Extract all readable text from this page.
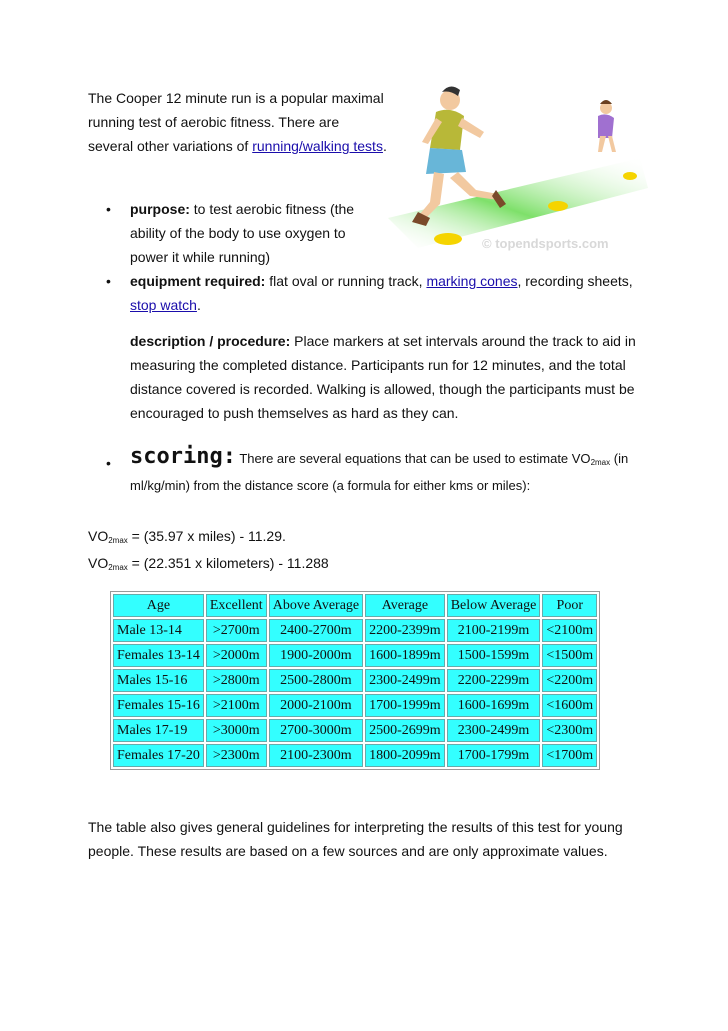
The Cooper 12 minute run is a popular maximal running test of aerobic fitness. There are several other variations of running/walking tests.
© topendsports.com
• purpose: to test aerobic fitness (the ability of the body to use oxygen to power it while running)
• equipment required: flat oval or running track, marking cones, recording sheets, stop watch.
description / procedure: Place markers at set intervals around the track to aid in measuring the completed distance. Participants run for 12 minutes, and the total distance covered is recorded. Walking is allowed, though the participants must be encouraged to push themselves as hard as they can.
• scoring: There are several equations that can be used to estimate $VO_{2max}$ (in ml/kg/min) from the distance score (a formula for either kms or miles):
$VO_{2max} = (35.97$ x miles) - 11.29.
$VO_{2max} = (22.351$ x kilometers) - 11.288
Age	Excellent	Above Average	Average	Below Average	Poor
Male 13-14	>2700m	2400-2700m	2200-2399m	2100-2199m	<2100m
Females 13-14	>2000m	1900-2000m	1600-1899m	1500-1599m	<1500m
Males 15-16	>2800m	2500-2800m	2300-2499m	2200-2299m	<2200m
Females 15-16	>2100m	2000-2100m	1700-1999m	1600-1699m	<1600m
Males 17-19	>3000m	2700-3000m	2500-2699m	2300-2499m	<2300m
Females 17-20	>2300m	2100-2300m	1800-2099m	1700-1799m	<1700m
The table also gives general guidelines for interpreting the results of this test for young people. These results are based on a few sources and are only approximate values.
